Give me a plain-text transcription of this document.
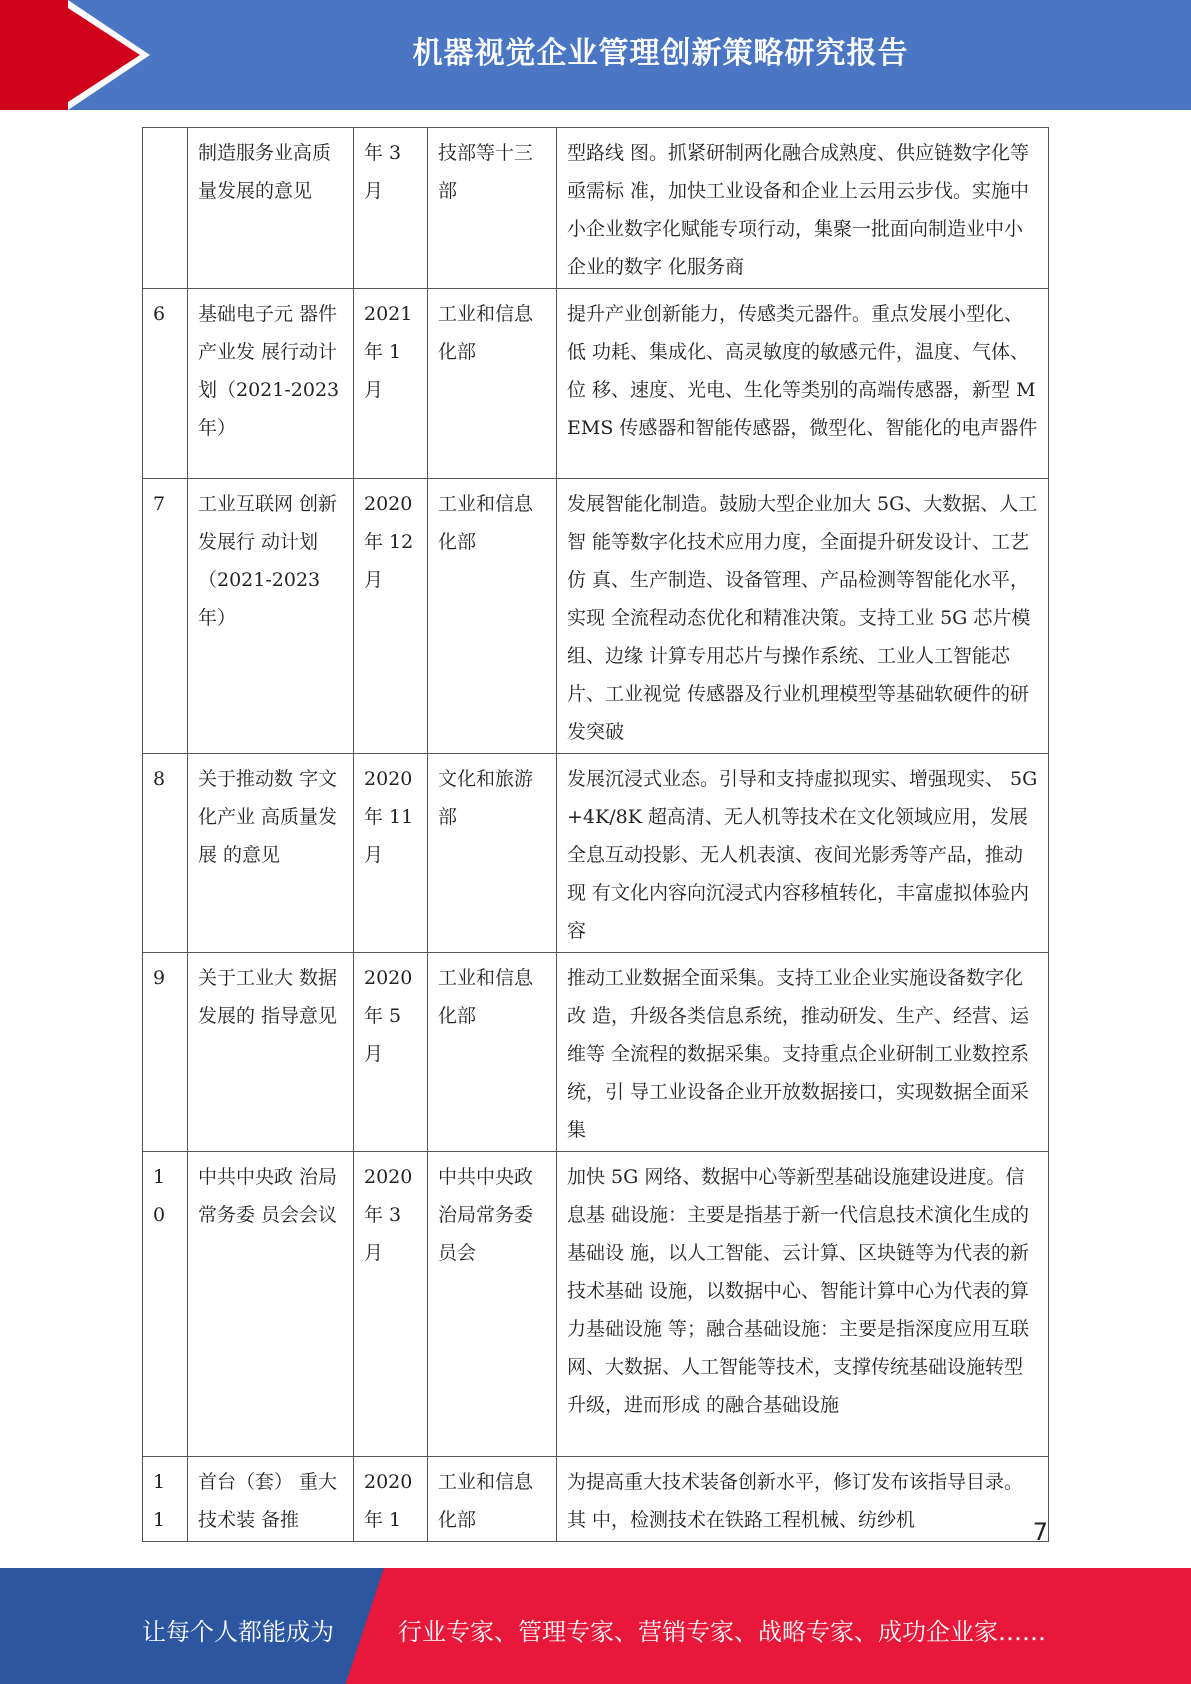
机器视觉企业管理创新策略研究报告
	制造服务业高质量发展的意见	年 3 月	技部等十三部	型路线 图。抓紧研制两化融合成熟度、供应链数字化等亟需标 准，加快工业设备和企业上云用云步伐。实施中小企业数字化赋能专项行动，集聚一批面向制造业中小企业的数字 化服务商
6	基础电子元 器件产业发 展行动计划（2021-2023 年）	2021 年 1 月	工业和信息化部	提升产业创新能力，传感类元器件。重点发展小型化、低 功耗、集成化、高灵敏度的敏感元件，温度、气体、位 移、速度、光电、生化等类别的高端传感器，新型 MEMS 传感器和智能传感器，微型化、智能化的电声器件
7	工业互联网 创新发展行 动计划（2021-2023 年）	2020 年 12 月	工业和信息化部	发展智能化制造。鼓励大型企业加大 5G、大数据、人工智 能等数字化技术应用力度，全面提升研发设计、工艺仿 真、生产制造、设备管理、产品检测等智能化水平，实现 全流程动态优化和精准决策。支持工业 5G 芯片模组、边缘 计算专用芯片与操作系统、工业人工智能芯片、工业视觉 传感器及行业机理模型等基础软硬件的研发突破
8	关于推动数 字文化产业 高质量发展 的意见	2020 年 11 月	文化和旅游部	发展沉浸式业态。引导和支持虚拟现实、增强现实、 5G+4K/8K 超高清、无人机等技术在文化领域应用，发展 全息互动投影、无人机表演、夜间光影秀等产品，推动现 有文化内容向沉浸式内容移植转化，丰富虚拟体验内容
9	关于工业大 数据发展的 指导意见	2020 年 5 月	工业和信息化部	推动工业数据全面采集。支持工业企业实施设备数字化改 造，升级各类信息系统，推动研发、生产、经营、运维等 全流程的数据采集。支持重点企业研制工业数控系统，引 导工业设备企业开放数据接口，实现数据全面采集
10	中共中央政 治局常务委 员会会议	2020 年 3 月	中共中央政治局常务委员会	加快 5G 网络、数据中心等新型基础设施建设进度。信息基 础设施：主要是指基于新一代信息技术演化生成的基础设 施，以人工智能、云计算、区块链等为代表的新技术基础 设施，以数据中心、智能计算中心为代表的算力基础设施 等；融合基础设施：主要是指深度应用互联网、大数据、人工智能等技术，支撑传统基础设施转型升级，进而形成 的融合基础设施
11	首台（套） 重大技术装 备推	2020 年 1	工业和信息化部	为提高重大技术装备创新水平，修订发布该指导目录。其 中，检测技术在铁路工程机械、纺纱机	7
让每个人都能成为	行业专家、管理专家、营销专家、战略专家、成功企业家……
